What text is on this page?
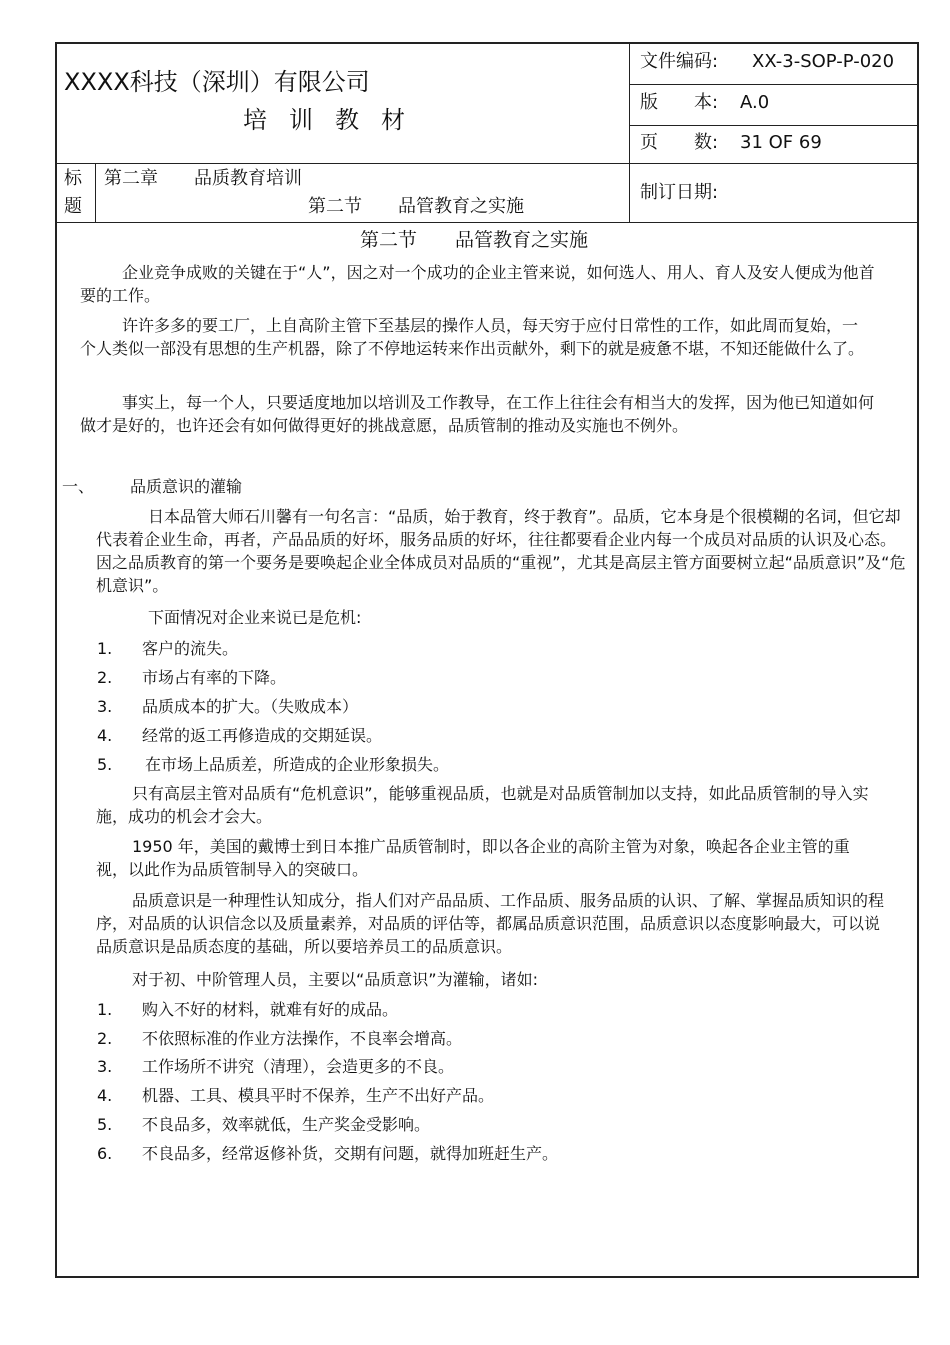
XXXX科技（深圳）有限公司
培训教材
文件编码: XX-3-SOP-P-020
版　　本: A.0
页　　数: 31 OF 69
标
题
第二章　　品质教育培训
第二节　　品管教育之实施
制订日期:
第二节　　品管教育之实施
企业竞争成败的关键在于“人”，因之对一个成功的企业主管来说，如何选人、用人、育人及安人便成为他首要的工作。
许许多多的要工厂，上自高阶主管下至基层的操作人员，每天穷于应付日常性的工作，如此周而复始，一个人类似一部没有思想的生产机器，除了不停地运转来作出贡献外，剩下的就是疲惫不堪，不知还能做什么了。
事实上，每一个人，只要适度地加以培训及工作教导，在工作上往往会有相当大的发挥，因为他已知道如何做才是好的，也许还会有如何做得更好的挑战意愿，品质管制的推动及实施也不例外。
一、 品质意识的灌输
日本品管大师石川馨有一句名言：“品质，始于教育，终于教育”。品质，它本身是个很模糊的名词，但它却代表着企业生命，再者，产品品质的好坏，服务品质的好坏，往往都要看企业内每一个成员对品质的认识及心态。因之品质教育的第一个要务是要唤起企业全体成员对品质的“重视”，尤其是高层主管方面要树立起“品质意识”及“危机意识”。
下面情况对企业来说已是危机:
1. 客户的流失。
2. 市场占有率的下降。
3. 品质成本的扩大。（失败成本）
4. 经常的返工再修造成的交期延误。
5. 在市场上品质差，所造成的企业形象损失。
只有高层主管对品质有“危机意识”，能够重视品质，也就是对品质管制加以支持，如此品质管制的导入实施，成功的机会才会大。
1950 年，美国的戴博士到日本推广品质管制时，即以各企业的高阶主管为对象，唤起各企业主管的重视，以此作为品质管制导入的突破口。
品质意识是一种理性认知成分，指人们对产品品质、工作品质、服务品质的认识、了解、掌握品质知识的程序，对品质的认识信念以及质量素养，对品质的评估等，都属品质意识范围，品质意识以态度影响最大，可以说品质意识是品质态度的基础，所以要培养员工的品质意识。
对于初、中阶管理人员，主要以“品质意识”为灌输，诸如:
1. 购入不好的材料，就难有好的成品。
2. 不依照标准的作业方法操作，不良率会增高。
3. 工作场所不讲究（清理），会造更多的不良。
4. 机器、工具、模具平时不保养，生产不出好产品。
5. 不良品多，效率就低，生产奖金受影响。
6. 不良品多，经常返修补货，交期有问题，就得加班赶生产。
